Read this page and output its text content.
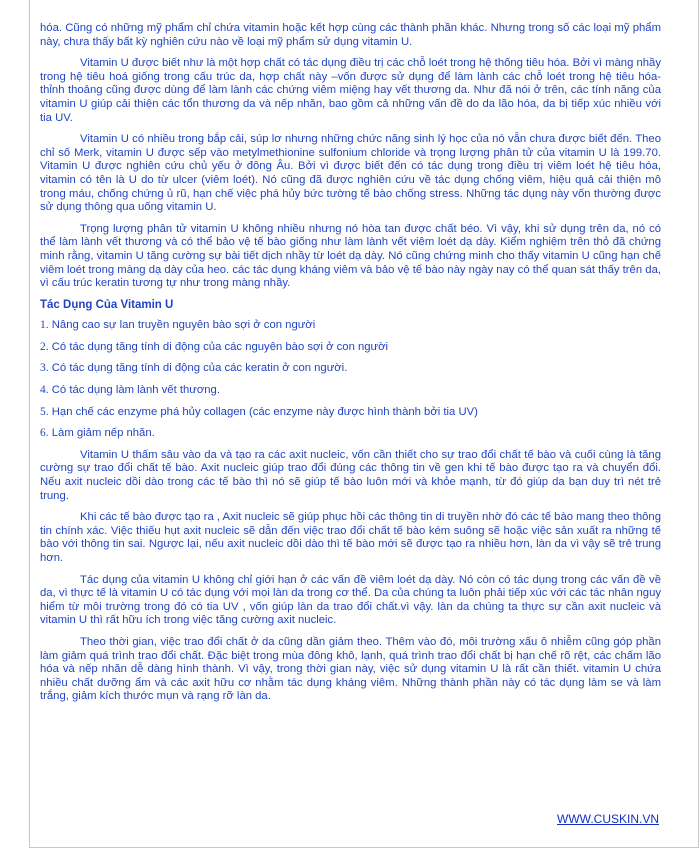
hóa. Cũng có những mỹ phẩm chỉ chứa vitamin hoặc kết hợp cùng các thành phần khác. Nhưng trong số các loại mỹ phẩm này, chưa thấy bất kỳ nghiên cứu nào về loại mỹ phẩm sử dụng vitamin U.

Vitamin U được biết như là một hợp chất có tác dụng điều trị các chỗ loét trong hệ thống tiêu hóa. Bởi vì màng nhầy trong hệ tiêu hoá giống trong cấu trúc da, hợp chất này –vốn được sử dụng để làm lành các chỗ loét trong hệ tiêu hóa- thỉnh thoảng cũng được dùng để làm lành các chứng viêm miệng hay vết thương da. Như đã nói ở trên, các tính năng của vitamin U giúp cải thiện các tổn thương da và nếp nhăn, bao gồm cả những vấn đề do da lão hóa, da bị tiếp xúc nhiều với tia UV.

Vitamin U có nhiều trong bắp cải, súp lơ nhưng những chức năng sinh lý học của nó vẫn chưa được biết đến. Theo chỉ số Merk, vitamin U được sếp vào metylmethionine sulfonium chloride và trọng lượng phân tử của vitamin U là 199.70. Vitamin U được nghiên cứu chủ yếu ở đông Âu. Bởi vì được biết đến có tác dụng trong điều trị viêm loét hệ tiêu hóa, vitamin có tên là U do từ ulcer (viêm loét). Nó cũng đã được nghiên cứu về tác dụng chống viêm, hiệu quả cải thiện mô trong máu, chống chứng ủ rũ, hạn chế việc phá hủy bức tường tế bào chống stress. Những tác dụng này vốn thường được sử dụng thông qua uống vitamin U.

Trọng lượng phân tử vitamin U không nhiều nhưng nó hòa tan được chất béo. Vì vậy, khi sử dụng trên da, nó có thể làm lành vết thương và có thể bảo vệ tế bào giống như làm lành vết viêm loét dạ dày. Kiểm nghiệm trên thỏ đã chứng minh rằng, vitamin U tăng cường sự bài tiết dịch nhầy từ loét dạ dày. Nó cũng chứng minh cho thấy vitamin U cũng hạn chế viêm loét trong màng dạ dày của heo. các tác dụng kháng viêm và bảo vệ tế bào này ngày nay có thể quan sát thấy trên da, vì cấu trúc keratin tương tự như trong màng nhầy.

Tác Dụng Của Vitamin U
1. Nâng cao sự lan truyền nguyên bào sợi ở con người
2. Có tác dụng tăng tính di động của các nguyên bào sợi ở con người
3. Có tác dụng tăng tính di động của các keratin ở con người.
4. Có tác dụng làm lành vết thương.
5. Hạn chế các enzyme phá hủy collagen (các enzyme này được hình thành bởi tia UV)
6. Làm giảm nếp nhăn.

Vitamin U thấm sâu vào da và tạo ra các axit nucleic, vốn cần thiết cho sự trao đổi chất tế bào và cuối cùng là tăng cường sự trao đổi chất tế bào. Axit nucleic giúp trao đổi đúng các thông tin về gen khi tế bào được tạo ra và chuyển đổi. Nếu axit nucleic dồi dào trong các tế bào thì nó sẽ giúp tế bào luôn mới và khỏe mạnh, từ đó giúp da bạn duy trì nét trẻ trung.

Khi các tế bào được tạo ra , Axit nucleic sẽ giúp phục hồi các thông tin di truyền nhờ đó các tế bào mang theo thông tin chính xác. Việc thiếu hụt axit nucleic sẽ dẫn đến việc trao đổi chất tế bào kém suông sẽ hoặc việc sản xuất ra những tế bào với thông tin sai. Ngược lại, nếu axit nucleic dồi dào thì tế bào mới sẽ được tạo ra nhiều hơn, làn da vì vậy sẽ trẻ trung hơn.

Tác dụng của vitamin U không chỉ giới hạn ở các vấn đề viêm loét dạ dày. Nó còn có tác dụng trong các vấn đề về da, vì thực tế là vitamin U có tác dụng với mọi làn da trong cơ thể. Da của chúng ta luôn phải tiếp xúc với các tác nhân nguy hiểm từ môi trường trong đó có tia UV , vốn giúp làn da trao đổi chất.vì vậy. làn da chúng ta thực sự cần axit nucleic và vitamin U thì rất hữu ích trong việc tăng cường axit nucleic.

Theo thời gian, việc trao đổi chất ở da cũng dần giảm theo. Thêm vào đó, môi trường xấu ô nhiễm cũng góp phần làm giảm quá trình trao đổi chất. Đặc biệt trong mùa đông khô, lạnh, quá trình trao đổi chất bị hạn chế rõ rệt, các chấm lão hóa và nếp nhăn dễ dàng hình thành. Vì vậy, trong thời gian này, việc sử dụng vitamin U là rất cần thiết. vitamin U chứa nhiều chất dưỡng ẩm và các axit hữu cơ nhằm tác dụng kháng viêm. Những thành phần này có tác dụng làm se và làm trắng, giảm kích thước mụn và rạng rỡ làn da.

WWW.CUSKIN.VN
